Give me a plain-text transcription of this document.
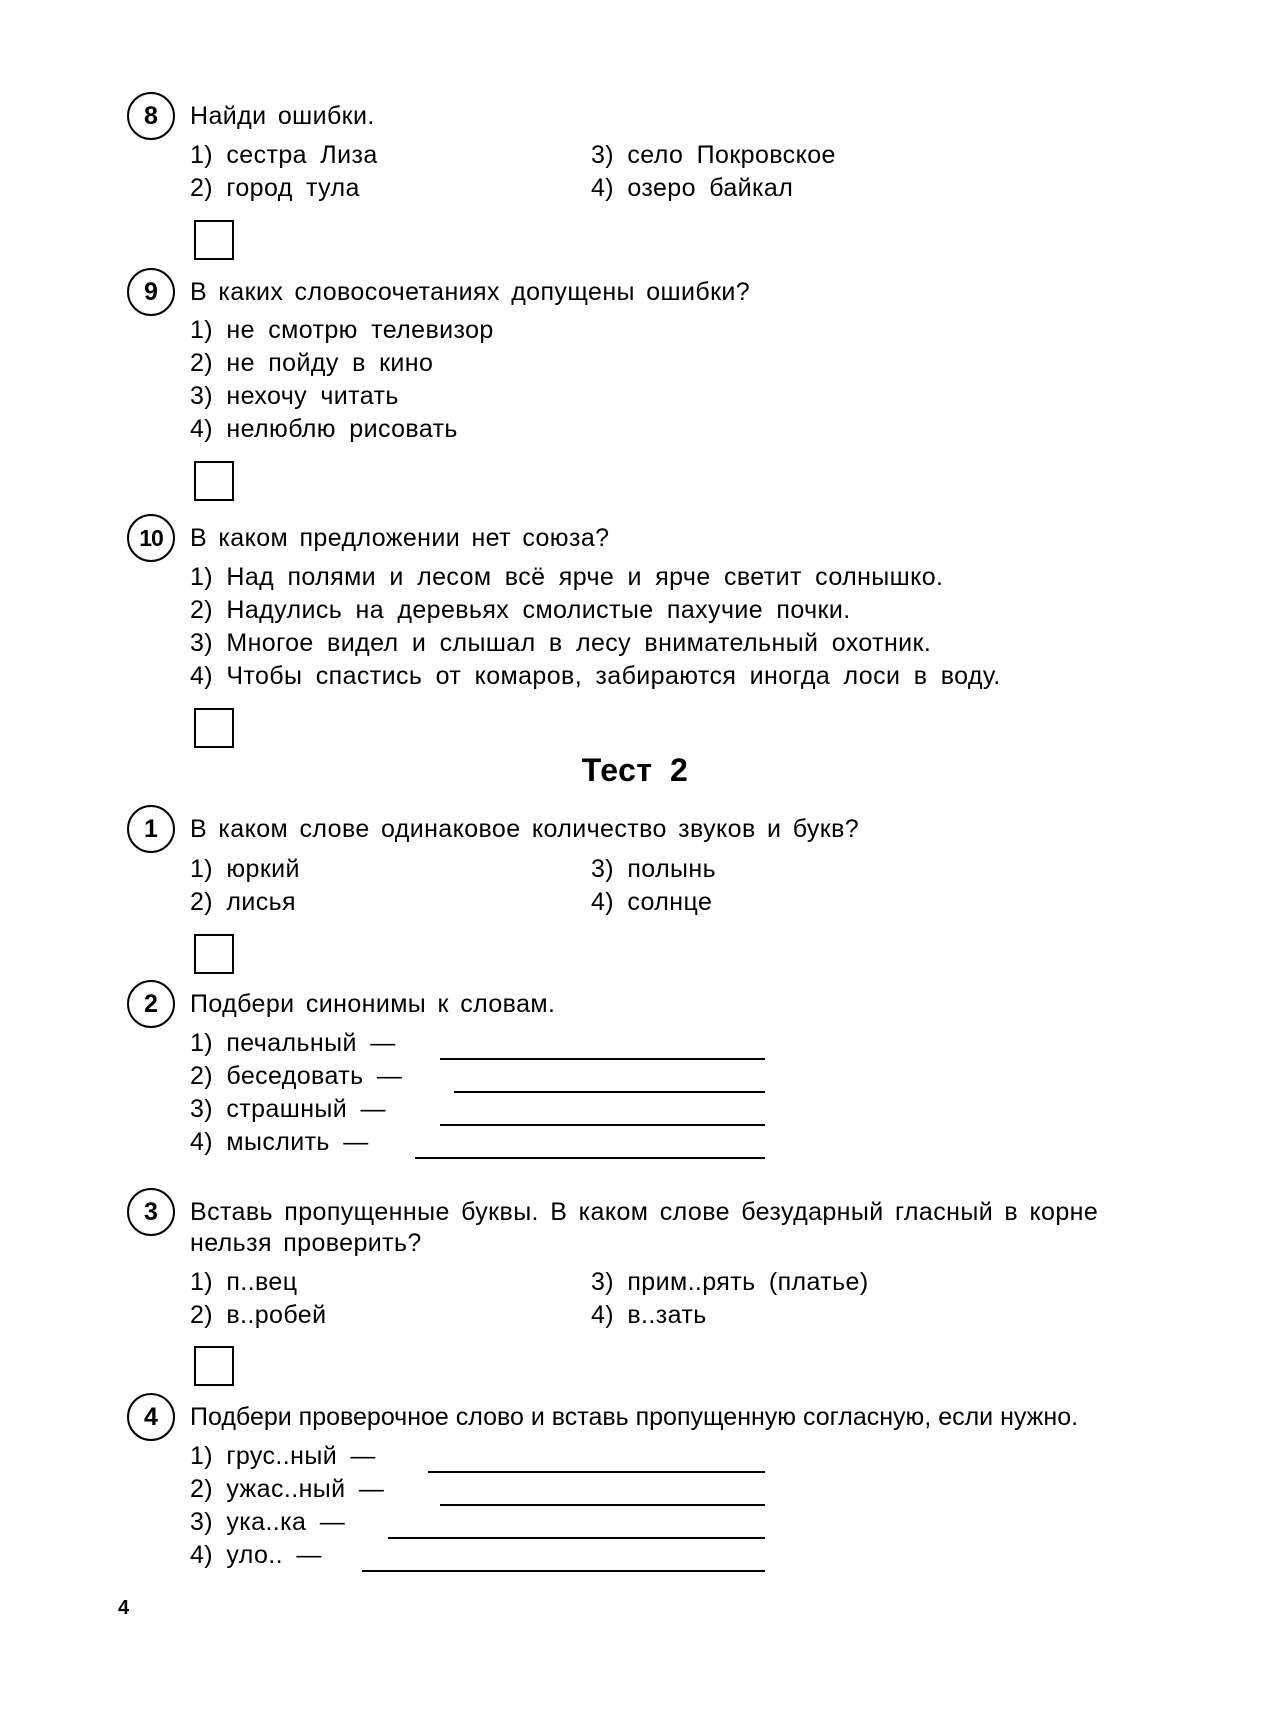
8	Найди ошибки.
1) сестра Лиза
2) город тула
3) село Покровское
4) озеро байкал
9	В каких словосочетаниях допущены ошибки?
1) не смотрю телевизор
2) не пойду в кино
3) нехочу читать
4) нелюблю рисовать
10	В каком предложении нет союза?
1) Над полями и лесом всё ярче и ярче светит солнышко.
2) Надулись на деревьях смолистые пахучие почки.
3) Многое видел и слышал в лесу внимательный охотник.
4) Чтобы спастись от комаров, забираются иногда лоси в воду.
Тест 2
1	В каком слове одинаковое количество звуков и букв?
1) юркий
2) лисья
3) полынь
4) солнце
2	Подбери синонимы к словам.
1) печальный —
2) беседовать —
3) страшный —
4) мыслить —
3	Вставь пропущенные буквы. В каком слове безударный гласный в корне нельзя проверить?
1) п..вец
2) в..робей
3) прим..рять (платье)
4) в..зать
4	Подбери проверочное слово и вставь пропущенную согласную, если нужно.
1) грус..ный —
2) ужас..ный —
3) ука..ка —
4) уло.. —
4
